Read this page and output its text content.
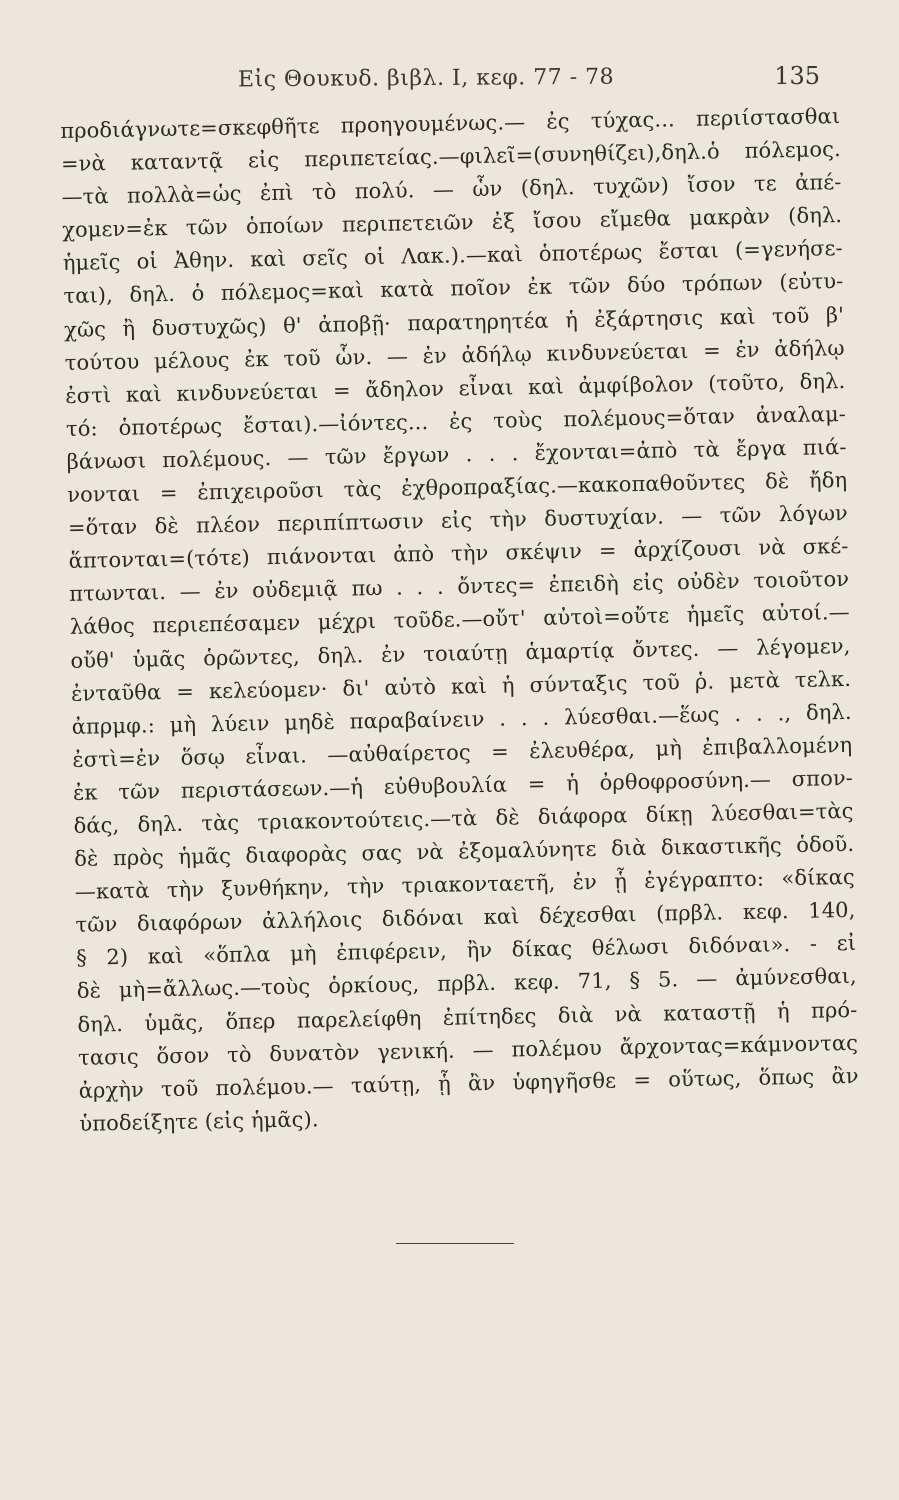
Εἰς Θουκυδ. βιβλ. Ι, κεφ. 77 - 78	135
προδιάγνωτε=σκεφθῆτε προηγουμένως.— ἐς τύχας... περιίστασθαι
=νὰ καταντᾷ εἰς περιπετείας.—φιλεῖ=(συνηθίζει),δηλ.ὁ πόλεμος.
—τὰ πολλὰ=ὡς ἐπὶ τὸ πολύ. — ὧν (δηλ. τυχῶν) ἴσον τε ἀπέ-
χομεν=ἐκ τῶν ὁποίων περιπετειῶν ἐξ ἴσου εἴμεθα μακρὰν (δηλ.
ἡμεῖς οἱ Ἀθην. καὶ σεῖς οἱ Λακ.).—καὶ ὁποτέρως ἔσται (=γενήσε-
ται), δηλ. ὁ πόλεμος=καὶ κατὰ ποῖον ἐκ τῶν δύο τρόπων (εὐτυ-
χῶς ἢ δυστυχῶς) θ' ἀποβῇ· παρατηρητέα ἡ ἐξάρτησις καὶ τοῦ β'
τούτου μέλους ἐκ τοῦ ὧν. — ἐν ἀδήλῳ κινδυνεύεται = ἐν ἀδήλῳ
ἐστὶ καὶ κινδυνεύεται = ἄδηλον εἶναι καὶ ἀμφίβολον (τοῦτο, δηλ.
τό: ὁποτέρως ἔσται).—ἰόντες... ἐς τοὺς πολέμους=ὅταν ἀναλαμ-
βάνωσι πολέμους. — τῶν ἔργων . . . ἔχονται=ἀπὸ τὰ ἔργα πιά-
νονται = ἐπιχειροῦσι τὰς ἐχθροπραξίας.—κακοπαθοῦντες δὲ ἤδη
=ὅταν δὲ πλέον περιπίπτωσιν εἰς τὴν δυστυχίαν. — τῶν λόγων
ἅπτονται=(τότε) πιάνονται ἀπὸ τὴν σκέψιν = ἀρχίζουσι νὰ σκέ-
πτωνται. — ἐν οὐδεμιᾷ πω . . . ὄντες= ἐπειδὴ εἰς οὐδὲν τοιοῦτον
λάθος περιεπέσαμεν μέχρι τοῦδε.—οὔτ' αὐτοὶ=οὔτε ἡμεῖς αὐτοί.—
οὔθ' ὑμᾶς ὁρῶντες, δηλ. ἐν τοιαύτῃ ἁμαρτίᾳ ὄντες. — λέγομεν,
ἐνταῦθα = κελεύομεν· δι' αὐτὸ καὶ ἡ σύνταξις τοῦ ῥ. μετὰ τελκ.
ἀπρμφ.: μὴ λύειν μηδὲ παραβαίνειν . . . λύεσθαι.—ἕως . . ., δηλ.
ἐστὶ=ἐν ὅσῳ εἶναι. —αὐθαίρετος = ἐλευθέρα, μὴ ἐπιβαλλομένη
ἐκ τῶν περιστάσεων.—ἡ εὐθυβουλία = ἡ ὀρθοφροσύνη.— σπον-
δάς, δηλ. τὰς τριακοντούτεις.—τὰ δὲ διάφορα δίκῃ λύεσθαι=τὰς
δὲ πρὸς ἡμᾶς διαφορὰς σας νὰ ἐξομαλύνητε διὰ δικαστικῆς ὁδοῦ.
—κατὰ τὴν ξυνθήκην, τὴν τριακονταετῆ, ἐν ᾗ ἐγέγραπτο: «δίκας
τῶν διαφόρων ἀλλήλοις διδόναι καὶ δέχεσθαι (πρβλ. κεφ. 140,
§ 2) καὶ «ὅπλα μὴ ἐπιφέρειν, ἢν δίκας θέλωσι διδόναι». - εἰ
δὲ μὴ=ἄλλως.—τοὺς ὁρκίους, πρβλ. κεφ. 71, § 5. — ἀμύνεσθαι,
δηλ. ὑμᾶς, ὅπερ παρελείφθη ἐπίτηδες διὰ νὰ καταστῇ ἡ πρό-
τασις ὅσον τὸ δυνατὸν γενική. — πολέμου ἄρχοντας=κάμνοντας
ἀρχὴν τοῦ πολέμου.— ταύτῃ, ᾗ ἂν ὑφηγῆσθε = οὕτως, ὅπως ἂν
ὑποδείξητε (εἰς ἡμᾶς).
